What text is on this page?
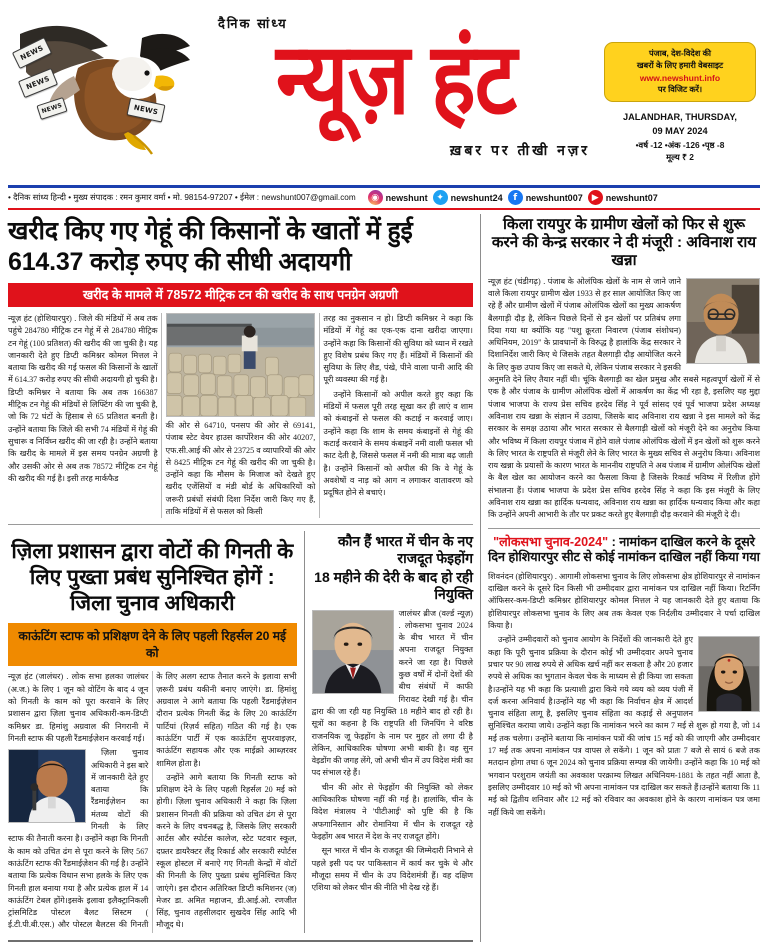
NEWS
NEWS
NEWS	NEWS
दैनिक सांध्य
न्यूज़ हंट
ख़बर पर तीखी नज़र
पंजाब, देश-विदेश की
खबरों के लिए हमारी वेबसाइट
www.newshunt.info
पर विजिट करें।
JALANDHAR, THURSDAY,
09 MAY 2024
•वर्ष -12 •अंक -126 •पृष्ठ -8
मूल्य ₹ 2
• दैनिक सांध्य हिन्दी • मुख्य संपादक : रमन कुमार वर्मा • मो. 98154-97207 • ईमेल : newshunt007@gmail.com	◉ newshunt ✦ newshunt24	f newshunt007	▶ newshunt07
खरीद किए गए गेहूं की किसानों के खातों में हुई 614.37 करोड़ रुपए की सीधी अदायगी
खरीद के मामले में 78572 मीट्रिक टन की खरीद के साथ पनग्रेन अग्रणी

न्यूज़ हंट (होशियारपुर) . जिले की मंडियों में अब तक पहुंचे 284780 मीट्रिक टन गेहूं में से 284780 मीट्रिक टन गेहूं (100 प्रतिशत) की खरीद की जा चुकी है। यह जानकारी देते हुए डिप्टी कमिश्नर कोमल मित्तल ने बताया कि खरीद की गई फसल की किसानों के खातों में 614.37 करोड़ रुपए की सीधी अदायगी हो चुकी है। डिप्टी कमिश्नर ने बताया कि अब तक 166387 मीट्रिक टन गेहूं की मंडियों से लिफ्टिंग की जा चुकी है, जो कि 72 घंटों के हिसाब से 65 प्रतिशत बनती है। उन्होंने बताया कि जिले की सभी 74 मंडियों में गेहूं की सुचारू व निर्विघ्न खरीद की जा रही है। उन्होंने बताया कि खरीद के मामले में इस समय पनग्रेन अग्रणी है और उसकी ओर से अब तक 78572 मीट्रिक टन गेहूं की खरीद की गई है। इसी तरह मार्कफैड

की ओर से 64710, पनसप की ओर से 69141, पंजाब स्टेट वेयर हाउस कार्पोरेशन की ओर 40207, एफ.सी.आई की ओर से 23725 व व्यापारियों की ओर से 8425 मीट्रिक टन गेहूं की खरीद की जा चुकी है। उन्होंने कहा कि मौसम के मिजाज को देखते हुए खरीद एजेंसियों व मंडी बोर्ड के अधिकारियों को जरूरी प्रबंधों संबंधी दिशा निर्देश जारी किए गए हैं, ताकि मंडियों में से फसल को किसी

तरह का नुकसान न हो। डिप्टी कमिश्नर ने कहा कि मंडियों में गेहूं का एक-एक दाना खरीदा जाएगा। उन्होंने कहा कि किसानों की सुविधा को ध्यान में रखते हुए विशेष प्रबंध किए गए हैं। मंडियों में किसानों की सुविधा के लिए शैड, पंखे, पीने वाला पानी आदि की पूरी व्यवस्था की गई है।

उन्होंने किसानों को अपील करते हुए कहा कि मंडियों में फसल पूरी तरह सूखा कर ही लाएं व शाम को कंबाइनों से फसल की कटाई न करवाई जाए। उन्होंने कहा कि शाम के समय कंबाइनों से गेहूं की कटाई करवाने के समय कंबाइनें नमी वाली फसल भी काट देती है, जिससे फसल में नमी की मात्रा बढ़ जाती है। उन्होंने किसानों को अपील की कि वे गेहूं के अवशेषों व नाड़ को आग न लगाकर वातावरण को प्रदूषित होने से बचाएं।

ज़िला प्रशासन द्वारा वोटों की गिनती के लिए पुख्ता प्रबंध सुनिश्चित होगें : जिला चुनाव अधिकारी
काऊंटिंग स्टाफ को प्रशिक्षण देने के लिए पहली रिहर्सल 20 मई को

न्यूज़ हंट (जालंधर) . लोक सभा हलका जालंधर (अ.ज.) के लिए 1 जून को वोटिंग के बाद 4 जून को गिनती के काम को पूरा करवाने के लिए प्रशासन द्वारा ज़िला चुनाव अधिकारी-कम-डिप्टी कमिश्नर डा. हिमांशु अग्रवाल की निगरानी में गिनती स्टाफ की पहली रैंडमाईज़ेशन करवाई गई।

ज़िला चुनाव अधिकारी ने इस बारे में जानकारी देते हुए बताया कि रैंडमाईज़ेशन का मंतव्य वोटों की गिनती के लिए स्टाफ की तैनाती करना है। उन्होंने कहा कि गिनती के काम को उचित ढंग से पूरा करने के लिए 567 काऊंटिंग स्टाफ की रैंडमाईज़ेशन की गई है। उन्होंने बताया कि प्रत्येक विधान सभा हलके के लिए एक गिनती हाल बनाया गया है और प्रत्येक हाल में 14 काऊंटिंग टेबल होंगे।इसके इलावा इलैक्ट्रानिकली ट्रांसमिटिड पोस्टल बैलट सिस्टम ( ई.टी.पी.बी.एस.) और पोस्टल बैलटस की गिनती के लिए अलग स्टाफ तैनात करने के इलावा सभी ज़रूरी प्रबंध यकीनी बनाए जाएंगे। डा. हिमांशु अग्रवाल ने आगे बताया कि पहली रैंडमाईज़ेशन दौरान प्रत्येक गिनती केंद्र के लिए 20 काऊंटिंग पार्टियां (रिज़र्व सहित) गठित की गई है। एक काऊंटिंग पार्टी में एक काऊंटिंग सुपरवाइज़र, काऊंटिंग सहायक और एक माईक्रो आब्ज़रवर शामिल होता है।

उन्होंने आगे बताया कि गिनती स्टाफ को प्रशिक्षण देने के लिए पहली रिहर्सल 20 मई को होगी। ज़िला चुनाव अधिकारी ने कहा कि ज़िला प्रशासन गिनती की प्रक्रिया को उचित ढंग से पूरा करने के लिए वचनबद्ध है, जिसके लिए सरकारी आर्टस और स्पोर्टस कालेज, स्टेट पटवार स्कूल, दफ़्तर डायरैक्टर लैंड् रिकार्ड और सरकारी स्पोर्टस स्कूल होस्टल में बनाऐ गए गिनती केन्द्रों में वोटों की गिनती के लिए पुख्ता प्रबंध सुनिश्चित किए जाएंगे। इस दौरान अतिरिक्त डिप्टी कमिशनर (ज) मेजर डा. अमित महाजन, डी.आई.ओ. रणजीत सिंह, चुनाव तहसीलदार सुखदेव सिंह आदि भी मौजूद थे।

कौन हैं भारत में चीन के नए राजदूत फेइहोंग
18 महीने की देरी के बाद हो रही नियुक्ति

जालंधर ब्रीज (वर्ल्ड न्यूज़) . लोकसभा चुनाव 2024 के बीच भारत में चीन अपना राजदूत नियुक्त करने जा रहा है। पिछले कुछ वर्षों में दोनों देशों की बीच संबंधों में काफी गिरावट देखी गई है। चीन द्वारा की जा रही यह नियुक्ति 18 महीने बाद हो रही है। सूत्रों का कहना है कि राष्ट्रपति शी जिनपिंग ने वरिष्ठ राजनयिक जू फेइहोंग के नाम पर मुहर तो लगा दी है लेकिन, आधिकारिक घोषणा अभी बाकी है। वह सुन वेइडोंग की जगह लेंगे, जो अभी चीन में उप विदेश मंत्री का पद संभाल रहे हैं।

चीन की ओर से फेइहोंग की नियुक्ति को लेकर आधिकारिक घोषणा नहीं की गई है। हालांकि, चीन के विदेश मंत्रालय ने 'पीटीआई' को पुष्टि की है कि अफगानिस्तान और रोमानिया में चीन के राजदूत रहे फेइहोंग अब भारत में देश के नए राजदूत होंगे।

सून भारत में चीन के राजदूत की जिम्मेदारी निभाने से पहले इसी पद पर पाकिस्तान में कार्य कर चुके थे और मौजूदा समय में चीन के उप विदेशमंत्री हैं। वह दक्षिण एशिया को लेकर चीन की नीति भी देख रहे हैं।

किला रायपुर के ग्रामीण खेलों को फिर से शुरू करने की केन्द्र सरकार ने दी मंजूरी : अविनाश राय खन्ना

न्यूज़ हंट (चंडीगढ़) . पंजाब के ओलंपिक खेलों के नाम से जाने जाने वाले किला रायपुर ग्रामीण खेल 1933 से हर साल आयोजित किए जा रहे हैं और ग्रामीण खेलों में पंजाब ओलंपिक खेलों का मुख्य आकर्षण बैलगाड़ी दौड़ है, लेकिन पिछले दिनों से इन खेलों पर प्रतिबंध लगा दिया गया था क्योंकि यह "पशु क्रूरता निवारण (पंजाब संशोधन) अधिनियम, 2019" के प्रावधानों के विरुद्ध है हालांकि केंद्र सरकार ने दिशानिर्देश जारी किए थे जिसके तहत बैलगाड़ी दौड़ आयोजित करने के लिए कुछ उपाय किए जा सकते थे, लेकिन पंजाब सरकार ने इसकी अनुमति देने लिए तैयार नहीं थी। चूंकि बैलगाड़ी का खेल प्रमुख और सबसे महत्वपूर्ण खेलों में से एक है और पंजाब के ग्रामीण ओलंपिक खेलों में आकर्षण का केंद्र भी रहा है, इसलिए यह मुद्दा पंजाब भाजपा के राज्य प्रेस सचिव हरदेव सिंह ने पूर्व सांसद एवं पूर्व भाजपा प्रदेश अध्यक्ष अविनाश राय खन्ना के संज्ञान में उठाया, जिसके बाद अविनाश राय खन्ना ने इस मामले को केंद्र सरकार के समक्ष उठाया और भारत सरकार से बैलगाड़ी खेलों को मंजूरी देने का अनुरोध किया और भविष्य में किला रायपुर पंजाब में होने वाले पंजाब ओलंपिक खेलों में इन खेलों को शुरू करने के लिए भारत के राष्ट्रपति से मंजूरी लेने के लिए भारत के मुख्य सचिव से अनुरोध किया। अविनाश राय खन्ना के प्रयासों के कारण भारत के माननीय राष्ट्रपति ने अब पंजाब में ग्रामीण ओलंपिक खेलों के बैल खेल का आयोजन करने का फैसला किया है जिसके रिकार्ड भविष्य में रिलीज होंगे संभालना हैं। पंजाब भाजपा के प्रदेश प्रेस सचिव हरदेव सिंह ने कहा कि इस मंजूरी के लिए अविनाश राय खन्ना का हार्दिक धन्यवाद, अविनाश राय खन्ना का हार्दिक धन्यवाद किया और कहा कि उन्होंने अपनी आभारी के तौर पर प्रकट करते हुए बैलगाड़ी दौड़ करवाने की मंजूरी दे दी।

"लोकसभा चुनाव-2024" : नामांकन दाखिल करने के दूसरे दिन होशियारपुर सीट से कोई नामांकन दाखिल नहीं किया गया

शिवनंदन (होशियारपुर) . आगामी लोकसभा चुनाव के लिए लोकसभा क्षेत्र होशियारपुर से नामांकन दाखिल करने के दूसरे दिन किसी भी उम्मीदवार द्वारा नामांकन पत्र दाखिल नहीं किया। रिटर्निंग ऑफिसर-कम-डिप्टी कमिश्नर होशियारपुर कोमल मित्तल ने यह जानकारी देते हुए बताया कि होशियारपुर लोकसभा चुनाव के लिए अब तक केवल एक निर्दलीय उम्मीदवार ने पर्चा दाखिल किया है।

उन्होंने उम्मीदवारों को चुनाव आयोग के निर्देशों की जानकारी देते हुए कहा कि पूरी चुनाव प्रक्रिया के दौरान कोई भी उम्मीदवार अपने चुनाव प्रचार पर 90 लाख रुपये से अधिक खर्च नहीं कर सकता है और 20 हजार रुपये से अधिक का भुगतान केवल चेक के माध्यम से ही किया जा सकता है।उन्होंने यह भी कहा कि प्रत्याशी द्वारा किये गये व्यय को व्यय पंजी में दर्ज करना अनिवार्य है।उन्होंने यह भी कहा कि निर्वाचन क्षेत्र में आदर्श चुनाव संहिता लागू है, इसलिए चुनाव संहिता का कड़ाई से अनुपालन सुनिश्चित कराया जाये। उन्होंने कहा कि नामांकन भरने का काम 7 मई से शुरू हो गया है, जो 14 मई तक चलेगा। उन्होंने बताया कि नामांकन पत्रों की जांच 15 मई को की जाएगी और उम्मीदवार 17 मई तक अपना नामांकन पत्र वापस ले सकेंगे। 1 जून को प्रातः 7 बजे से सायं 6 बजे तक मतदान होगा तथा 6 जून 2024 को चुनाव प्रक्रिया सम्पन्न की जायेगी। उन्होंने कहा कि 10 मई को भगवान परशुराम जयंती का अवकाश परक्राम्य लिखत अधिनियम-1881 के तहत नहीं आता है, इसलिए उम्मीदवार 10 मई को भी अपना नामांकन पत्र दाखिल कर सकते हैं।उन्होंने बताया कि 11 मई को द्वितीय शनिवार और 12 मई को रविवार का अवकाश होने के कारण नामांकन पत्र जमा नहीं किये जा सकेंगे।
